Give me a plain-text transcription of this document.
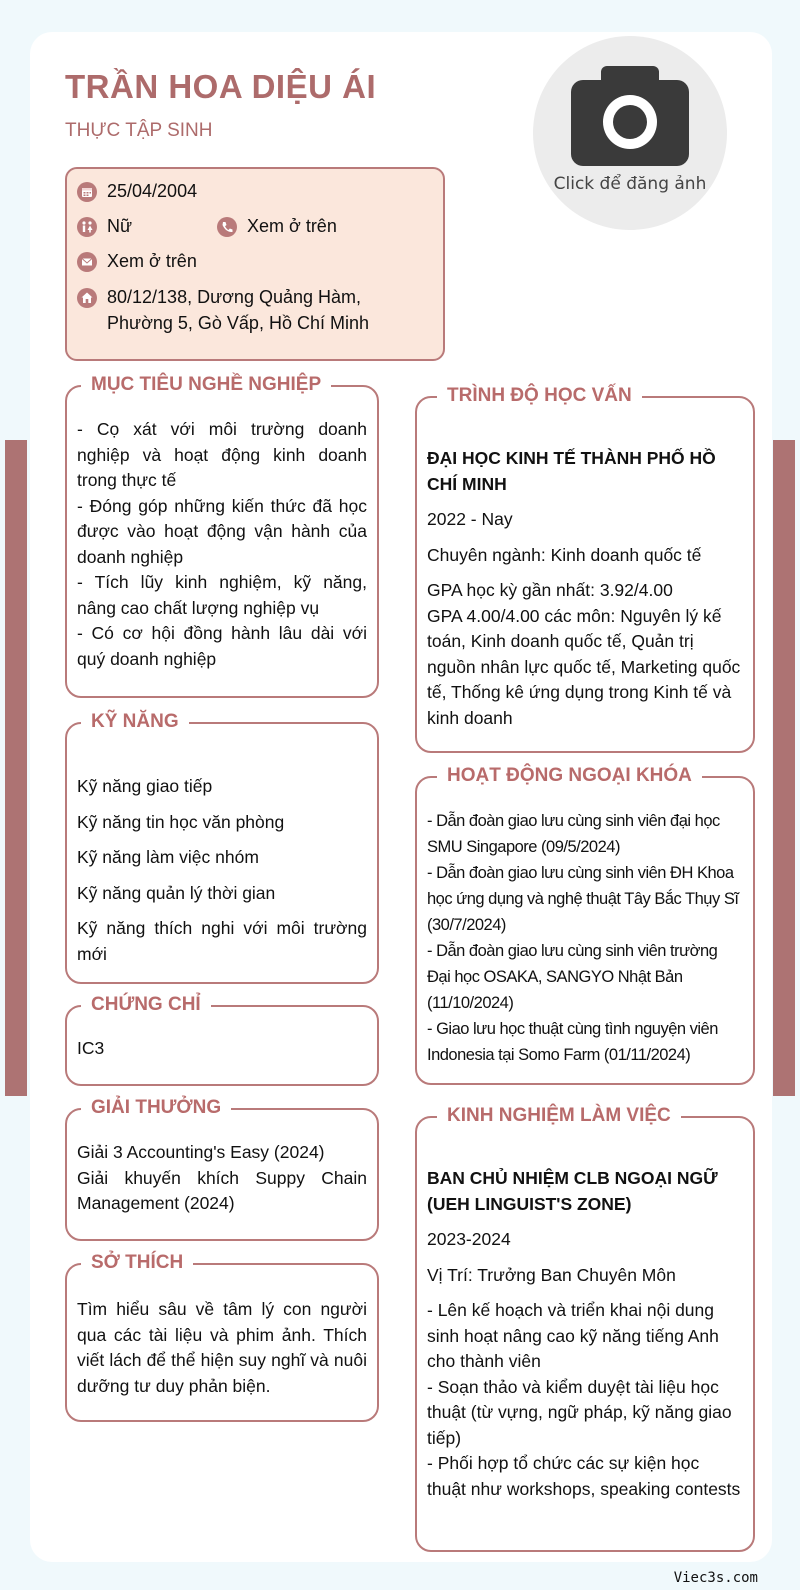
TRẦN HOA DIỆU ÁI
THỰC TẬP SINH
Click để đăng ảnh
25/04/2004
Nữ	Xem ở trên
Xem ở trên
80/12/138, Dương Quảng Hàm,
Phường 5, Gò Vấp, Hồ Chí Minh
MỤC TIÊU NGHỀ NGHIỆP
- Cọ xát với môi trường doanh nghiệp và hoạt động kinh doanh trong thực tế
- Đóng góp những kiến thức đã học được vào hoạt động vận hành của doanh nghiệp
- Tích lũy kinh nghiệm, kỹ năng, nâng cao chất lượng nghiệp vụ
- Có cơ hội đồng hành lâu dài với quý doanh nghiệp
KỸ NĂNG
Kỹ năng giao tiếp
Kỹ năng tin học văn phòng
Kỹ năng làm việc nhóm
Kỹ năng quản lý thời gian
Kỹ năng thích nghi với môi trường mới
CHỨNG CHỈ
IC3
GIẢI THƯỞNG
Giải 3 Accounting's Easy (2024)
Giải khuyến khích Suppy Chain Management (2024)
SỞ THÍCH
Tìm hiểu sâu về tâm lý con người qua các tài liệu và phim ảnh. Thích viết lách để thể hiện suy nghĩ và nuôi dưỡng tư duy phản biện.
TRÌNH ĐỘ HỌC VẤN
ĐẠI HỌC KINH TẾ THÀNH PHỐ HỒ CHÍ MINH
2022 - Nay
Chuyên ngành: Kinh doanh quốc tế
GPA học kỳ gần nhất: 3.92/4.00
GPA 4.00/4.00 các môn: Nguyên lý kế toán, Kinh doanh quốc tế, Quản trị nguồn nhân lực quốc tế, Marketing quốc tế, Thống kê ứng dụng trong Kinh tế và kinh doanh
HOẠT ĐỘNG NGOẠI KHÓA
- Dẫn đoàn giao lưu cùng sinh viên đại học SMU Singapore (09/5/2024)
- Dẫn đoàn giao lưu cùng sinh viên ĐH Khoa học ứng dụng và nghệ thuật Tây Bắc Thụy Sĩ (30/7/2024)
- Dẫn đoàn giao lưu cùng sinh viên trường Đại học OSAKA, SANGYO Nhật Bản (11/10/2024)
- Giao lưu học thuật cùng tình nguyện viên Indonesia tại Somo Farm (01/11/2024)
KINH NGHIỆM LÀM VIỆC
BAN CHỦ NHIỆM CLB NGOẠI NGỮ (UEH LINGUIST'S ZONE)
2023-2024
Vị Trí: Trưởng Ban Chuyên Môn
- Lên kế hoạch và triển khai nội dung sinh hoạt nâng cao kỹ năng tiếng Anh cho thành viên
- Soạn thảo và kiểm duyệt tài liệu học thuật (từ vựng, ngữ pháp, kỹ năng giao tiếp)
- Phối hợp tổ chức các sự kiện học thuật như workshops, speaking contests
Viec3s.com
